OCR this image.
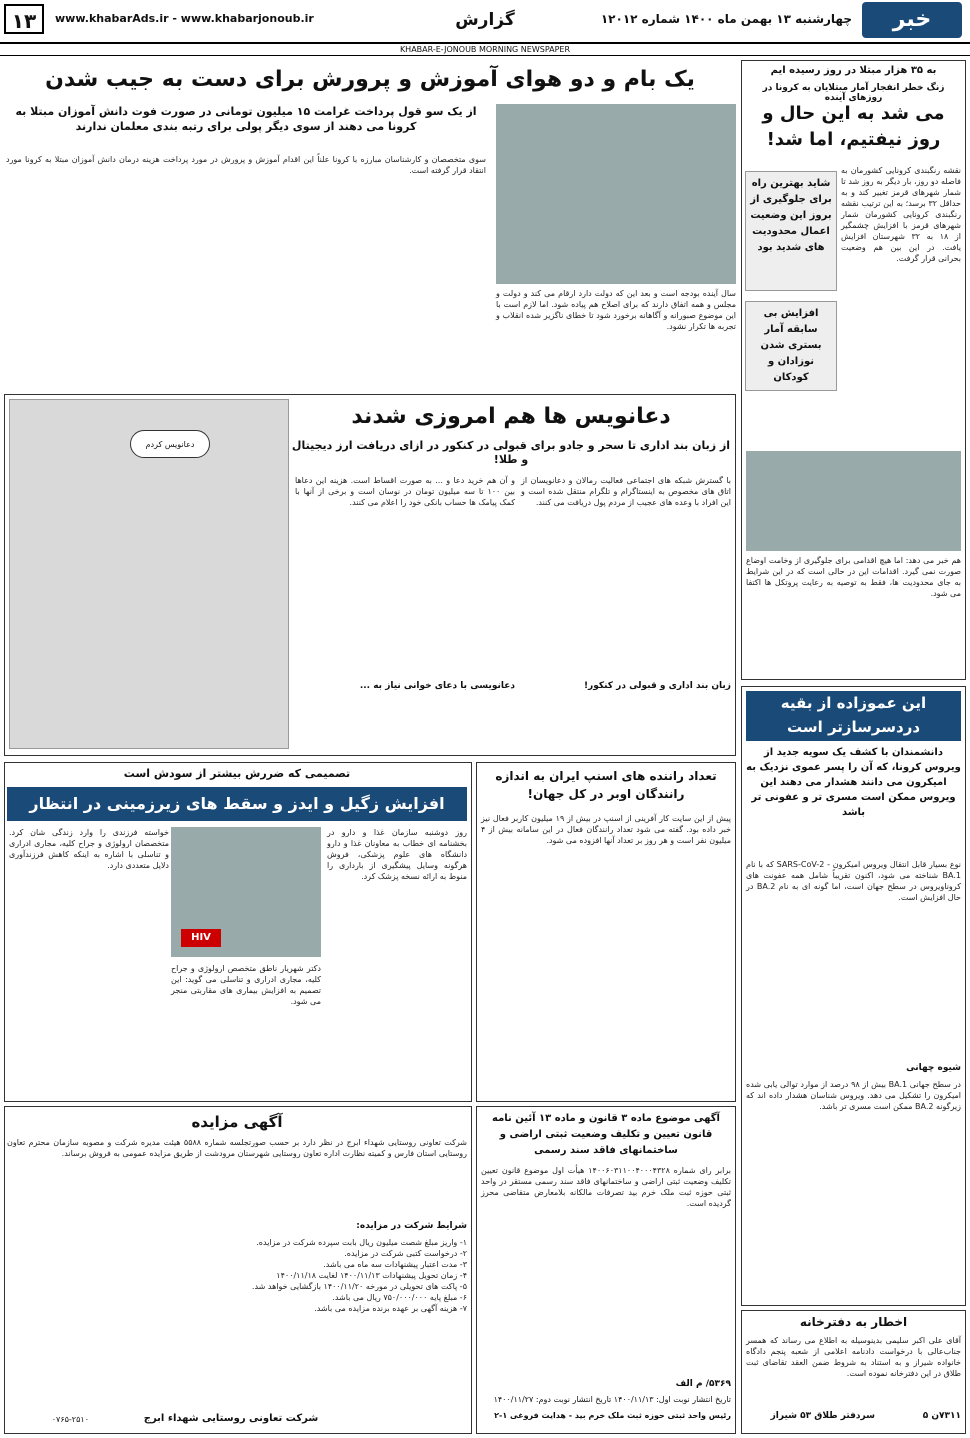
خبر جنوب
چهارشنبه ۱۳ بهمن ماه ۱۴۰۰ شماره ۱۲۰۱۲
گزارش
www.khabarAds.ir - www.khabarjonoub.ir
۱۳
KHABAR-E-JONOUB MORNING NEWSPAPER
به ۳۵ هزار مبتلا در روز رسیده ایم
زنگ خطر انفجار آمار مبتلایان به کرونا در روزهای آینده
می شد به این حال و روز نیفتیم، اما شد!
نقشه رنگبندی کرونایی کشورمان به فاصله دو روز، بار دیگر به روز شد تا شمار شهرهای قرمز تغییر کند و به حداقل ۳۲ برسد؛ به این ترتیب نقشه رنگبندی کرونایی کشورمان شمار شهرهای قرمز با افزایش چشمگیر از ۱۸ به ۳۲ شهرستان افزایش یافت. در این بین هم وضعیت بحرانی قرار گرفت.
شاید بهترین راه برای جلوگیری از بروز این وضعیت اعمال محدودیت های شدید بود
افزایش بی سابقه آمار بستری شدن نوزادان و کودکان
هم خبر می دهد: اما هیچ اقدامی برای جلوگیری از وخامت اوضاع صورت نمی گیرد. اقدامات این در حالی است که در این شرایط به جای محدودیت ها، فقط به توصیه به رعایت پروتکل ها اکتفا می شود.
یک بام و دو هوای آموزش و پرورش برای دست به جیب شدن
از یک سو قول پرداخت غرامت ۱۵ میلیون تومانی در صورت فوت دانش آموزان مبتلا به کرونا می دهند از سوی دیگر پولی برای رتبه بندی معلمان ندارند
سال آینده بودجه است و بعد این که دولت دارد ارقام می کند و دولت و مجلس و همه اتفاق دارند که برای اصلاح هم پیاده شود. اما لازم است با این موضوع صبورانه و آگاهانه برخورد شود تا خطای ناگزیر شده انقلاب و تجربه ها تکرار نشود.
سوی متخصصان و کارشناسان مبارزه با کرونا علناً این اقدام آموزش و پرورش در مورد پرداخت هزینه درمان دانش آموزان مبتلا به کرونا مورد انتقاد قرار گرفته است.
دعانویس ها هم امروزی شدند
از زبان بند اداری تا سحر و جادو برای قبولی در کنکور در ازای دریافت ارز دیجیتال و طلا!
با گسترش شبکه های اجتماعی فعالیت رمالان و دعانویسان از اتاق های مخصوص به اینستاگرام و تلگرام منتقل شده است و این افراد با وعده های عجیب از مردم پول دریافت می کنند.
زبان بند اداری و قبولی در کنکور!
و آن هم خرید دعا و ... به صورت اقساط است. هزینه این دعاها بین ۱۰۰ تا سه میلیون تومان در نوسان است و برخی از آنها با کمک پیامک ها حساب بانکی خود را اعلام می کنند.
دعانویسی با دعای خوانی نیاز به ...
دعانویس کردم
تعداد راننده های اسنپ ایران به اندازه رانندگان اوبر در کل جهان!
پیش از این سایت کار آفرینی از اسنپ در بیش از ۱۹ میلیون کاربر فعال نیز خبر داده بود. گفته می شود تعداد رانندگان فعال در این سامانه بیش از ۴ میلیون نفر است و هر روز بر تعداد آنها افزوده می شود.
تصمیمی که ضررش بیشتر از سودش است
افزایش زگیل و ایدز و سقط های زیرزمینی در انتظار
HIV
روز دوشنبه سازمان غذا و دارو در بخشنامه ای خطاب به معاونان غذا و دارو دانشگاه های علوم پزشکی، فروش هرگونه وسایل پیشگیری از بارداری را منوط به ارائه نسخه پزشک کرد.
خواسته فرزندی را وارد زندگی شان کرد. متخصصان ارولوژی و جراح کلیه، مجاری ادراری و تناسلی با اشاره به اینکه کاهش فرزندآوری دلایل متعددی دارد.
دکتر شهریار ناطق متخصص ارولوژی و جراح کلیه، مجاری ادراری و تناسلی می گوید: این تصمیم به افزایش بیماری های مقاربتی منجر می شود.
این عموزاده از بقیه دردسرسازتر است
دانشمندان با کشف یک سویه جدید از ویروس کرونا، که آن را پسر عموی نزدیک به امیکرون می دانند هشدار می دهند این ویروس ممکن است مسری تر و عفونی تر باشد
نوع بسیار قابل انتقال ویروس امیکرون - SARS-CoV-2 که با نام BA.1 شناخته می شود، اکنون تقریباً شامل همه عفونت های کروناویروس در سطح جهان است، اما گونه ای به نام BA.2 در حال افزایش است.
شیوه چهانی
در سطح جهانی BA.1 بیش از ۹۸ درصد از موارد توالی یابی شده امیکرون را تشکیل می دهد. ویروس شناسان هشدار داده اند که زیرگونه BA.2 ممکن است مسری تر باشد.
آگهی مزایده
شرکت تعاونی روستایی شهداء ابرج در نظر دارد بر حسب صورتجلسه شماره ۵۵۸۸ هیئت مدیره شرکت و مصوبه سازمان محترم تعاون روستایی استان فارس و کمیته نظارت اداره تعاون روستایی شهرستان مرودشت از طریق مزایده عمومی به فروش برساند.
شرایط شرکت در مزایده:
۱- واریز مبلغ شصت میلیون ریال بابت سپرده شرکت در مزایده.
۲- درخواست کتبی شرکت در مزایده.
۳- مدت اعتبار پیشنهادات سه ماه می باشد.
۴- زمان تحویل پیشنهادات ۱۴۰۰/۱۱/۱۳ لغایت ۱۴۰۰/۱۱/۱۸
۵- پاکت های تحویلی در مورخه ۱۴۰۰/۱۱/۲۰ بازگشایی خواهد شد.
۶- مبلغ پایه ۷۵۰/۰۰۰/۰۰۰ ریال می باشد.
۷- هزینه آگهی بر عهده برنده مزایده می باشد.
۰۷۶۵-۲۵۱۰	شرکت تعاونی روستایی شهداء ابرج
آگهی موضوع ماده ۳ قانون و ماده ۱۳ آئین نامه قانون تعیین و تکلیف وضعیت ثبتی اراضی و ساختمانهای فاقد سند رسمی
برابر رای شماره ۱۴۰۰۶۰۳۱۱۰۰۴۰۰۰۴۳۲۸ هیأت اول موضوع قانون تعیین تکلیف وضعیت ثبتی اراضی و ساختمانهای فاقد سند رسمی مستقر در واحد ثبتی حوزه ثبت ملک خرم بید تصرفات مالکانه بلامعارض متقاضی محرز گردیده است.
۵۳۶۹/ م الف
تاریخ انتشار نوبت اول: ۱۴۰۰/۱۱/۱۳ تاریخ انتشار نوبت دوم: ۱۴۰۰/۱۱/۲۷
رئیس واحد ثبتی حوزه ثبت ملک خرم بید - هدایت فروغی ۱-۲
اخطار به دفترخانه
آقای علی اکبر سلیمی بدینوسیله به اطلاع می رساند که همسر جناب‌عالی با درخواست دادنامه اعلامی از شعبه پنجم دادگاه خانواده شیراز و به استناد به شروط ضمن العقد تقاضای ثبت طلاق در این دفترخانه نموده است.
۷۳۱۱ن ۵
سردفتر طلاق ۵۳ شیراز
